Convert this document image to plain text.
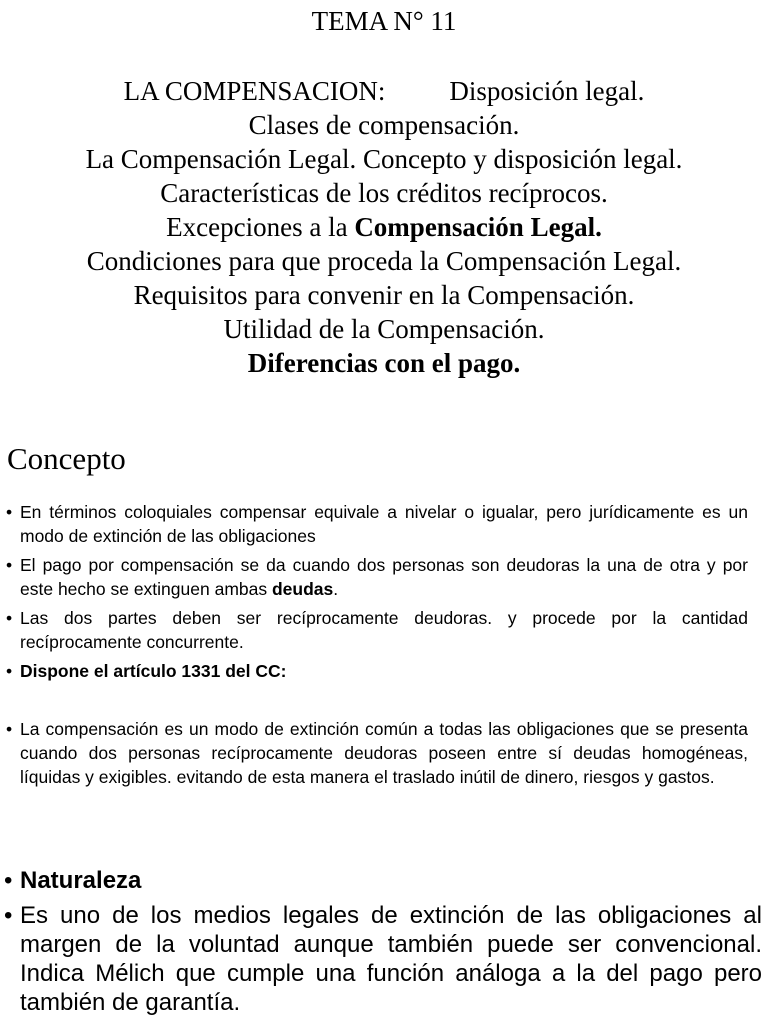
TEMA N° 11
LA COMPENSACION: Disposición legal.
Clases de compensación.
La Compensación Legal. Concepto y disposición legal.
Características de los créditos recíprocos.
Excepciones a la Compensación Legal.
Condiciones para que proceda la Compensación Legal.
Requisitos para convenir en la Compensación.
Utilidad de la Compensación.
Diferencias con el pago.
Concepto
• En términos coloquiales compensar equivale a nivelar o igualar, pero jurídicamente es un modo de extinción de las obligaciones
• El pago por compensación se da cuando dos personas son deudoras la una de otra y por este hecho se extinguen ambas deudas.
• Las dos partes deben ser recíprocamente deudoras. y procede por la cantidad recíprocamente concurrente.
• Dispone el artículo 1331 del CC:
• La compensación es un modo de extinción común a todas las obligaciones que se presenta cuando dos personas recíprocamente deudoras poseen entre sí deudas homogéneas, líquidas y exigibles. evitando de esta manera el traslado inútil de dinero, riesgos y gastos.
• Naturaleza
• Es uno de los medios legales de extinción de las obligaciones al margen de la voluntad aunque también puede ser convencional. Indica Mélich que cumple una función análoga a la del pago pero también de garantía.
